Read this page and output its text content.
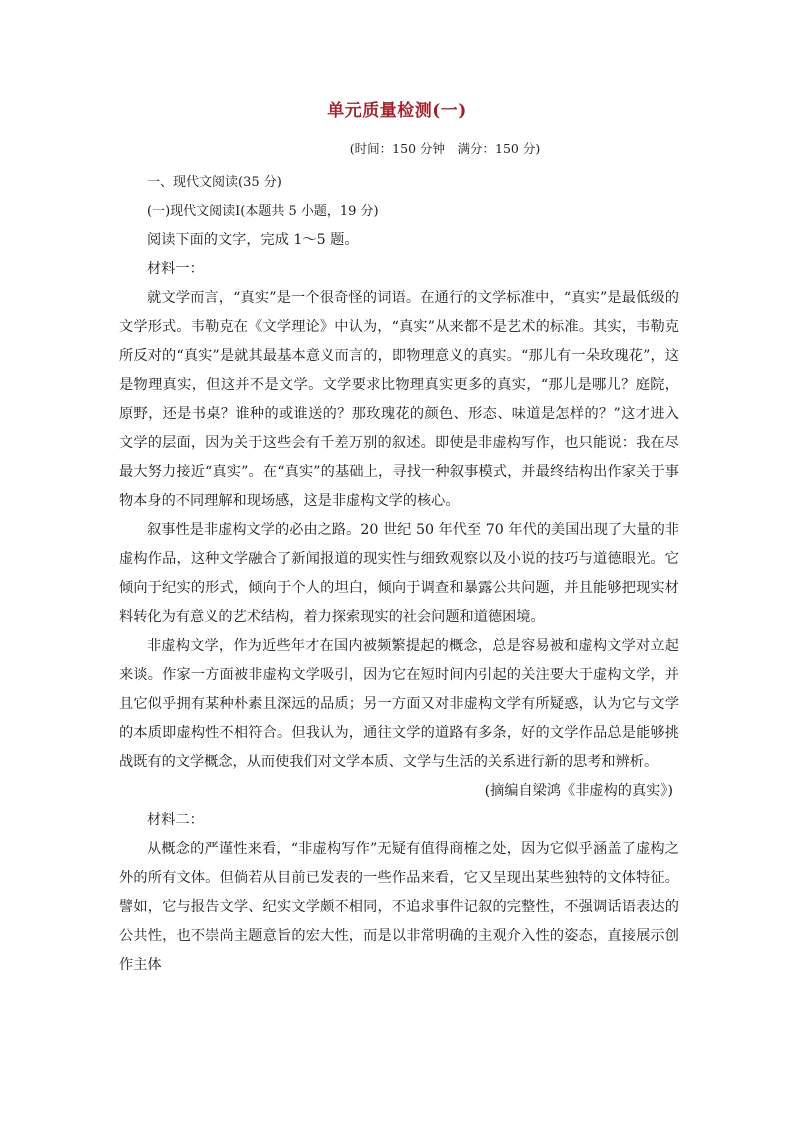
单元质量检测(一)
(时间：150 分钟　满分：150 分)

一、现代文阅读(35 分)

(一)现代文阅读Ⅰ(本题共 5 小题，19 分)

阅读下面的文字，完成 1～5 题。

材料一：

就文学而言，“真实”是一个很奇怪的词语。在通行的文学标准中，“真实”是最低级的文学形式。韦勒克在《文学理论》中认为，“真实”从来都不是艺术的标准。其实，韦勒克所反对的“真实”是就其最基本意义而言的，即物理意义的真实。“那儿有一朵玫瑰花”，这是物理真实，但这并不是文学。文学要求比物理真实更多的真实，“那儿是哪儿？庭院，原野，还是书桌？谁种的或谁送的？那玫瑰花的颜色、形态、味道是怎样的？”这才进入文学的层面，因为关于这些会有千差万别的叙述。即使是非虚构写作，也只能说：我在尽最大努力接近“真实”。在“真实”的基础上，寻找一种叙事模式，并最终结构出作家关于事物本身的不同理解和现场感，这是非虚构文学的核心。

叙事性是非虚构文学的必由之路。20 世纪 50 年代至 70 年代的美国出现了大量的非虚构作品，这种文学融合了新闻报道的现实性与细致观察以及小说的技巧与道德眼光。它倾向于纪实的形式，倾向于个人的坦白，倾向于调查和暴露公共问题，并且能够把现实材料转化为有意义的艺术结构，着力探索现实的社会问题和道德困境。

非虚构文学，作为近些年才在国内被频繁提起的概念，总是容易被和虚构文学对立起来谈。作家一方面被非虚构文学吸引，因为它在短时间内引起的关注要大于虚构文学，并且它似乎拥有某种朴素且深远的品质；另一方面又对非虚构文学有所疑惑，认为它与文学的本质即虚构性不相符合。但我认为，通往文学的道路有多条，好的文学作品总是能够挑战既有的文学概念，从而使我们对文学本质、文学与生活的关系进行新的思考和辨析。

(摘编自梁鸿《非虚构的真实》)

材料二：

从概念的严谨性来看，“非虚构写作”无疑有值得商榷之处，因为它似乎涵盖了虚构之外的所有文体。但倘若从目前已发表的一些作品来看，它又呈现出某些独特的文体特征。譬如，它与报告文学、纪实文学颇不相同，不追求事件记叙的完整性，不强调话语表达的公共性，也不崇尚主题意旨的宏大性，而是以非常明确的主观介入性的姿态，直接展示创作主体
